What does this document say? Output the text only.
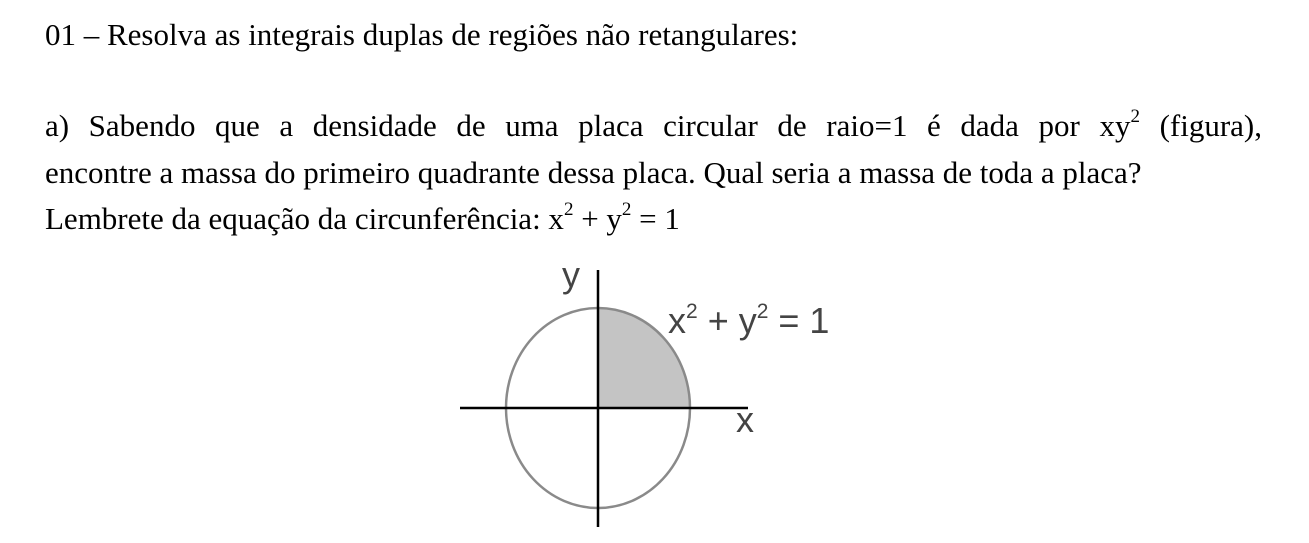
01 – Resolva as integrais duplas de regiões não retangulares:
a) Sabendo que a densidade de uma placa circular de raio=1 é dada por $xy^2$ (figura),
encontre a massa do primeiro quadrante dessa placa. Qual seria a massa de toda a placa?
Lembrete da equação da circunferência: $x^2 + y^2 = 1$
y
x
x2 + y2 = 1
